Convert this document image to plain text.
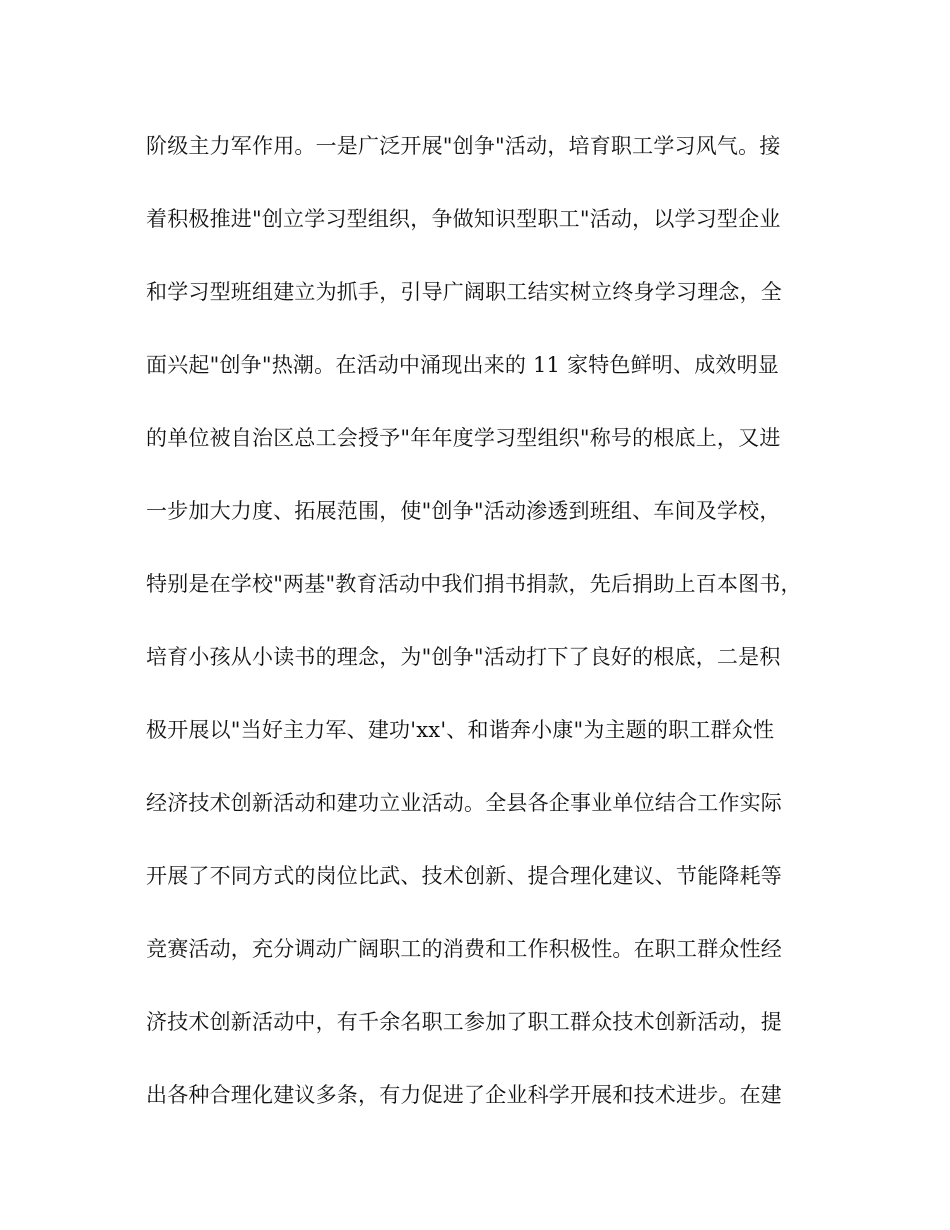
阶级主力军作用。一是广泛开展"创争"活动，培育职工学习风气。接
着积极推进"创立学习型组织，争做知识型职工"活动，以学习型企业
和学习型班组建立为抓手，引导广阔职工结实树立终身学习理念，全
面兴起"创争"热潮。在活动中涌现出来的 11 家特色鲜明、成效明显
的单位被自治区总工会授予"年年度学习型组织"称号的根底上，又进
一步加大力度、拓展范围，使"创争"活动渗透到班组、车间及学校，
特别是在学校"两基"教育活动中我们捐书捐款，先后捐助上百本图书，
培育小孩从小读书的理念，为"创争"活动打下了良好的根底，二是积
极开展以"当好主力军、建功'xx'、和谐奔小康"为主题的职工群众性
经济技术创新活动和建功立业活动。全县各企事业单位结合工作实际
开展了不同方式的岗位比武、技术创新、提合理化建议、节能降耗等
竞赛活动，充分调动广阔职工的消费和工作积极性。在职工群众性经
济技术创新活动中，有千余名职工参加了职工群众技术创新活动，提
出各种合理化建议多条，有力促进了企业科学开展和技术进步。在建
